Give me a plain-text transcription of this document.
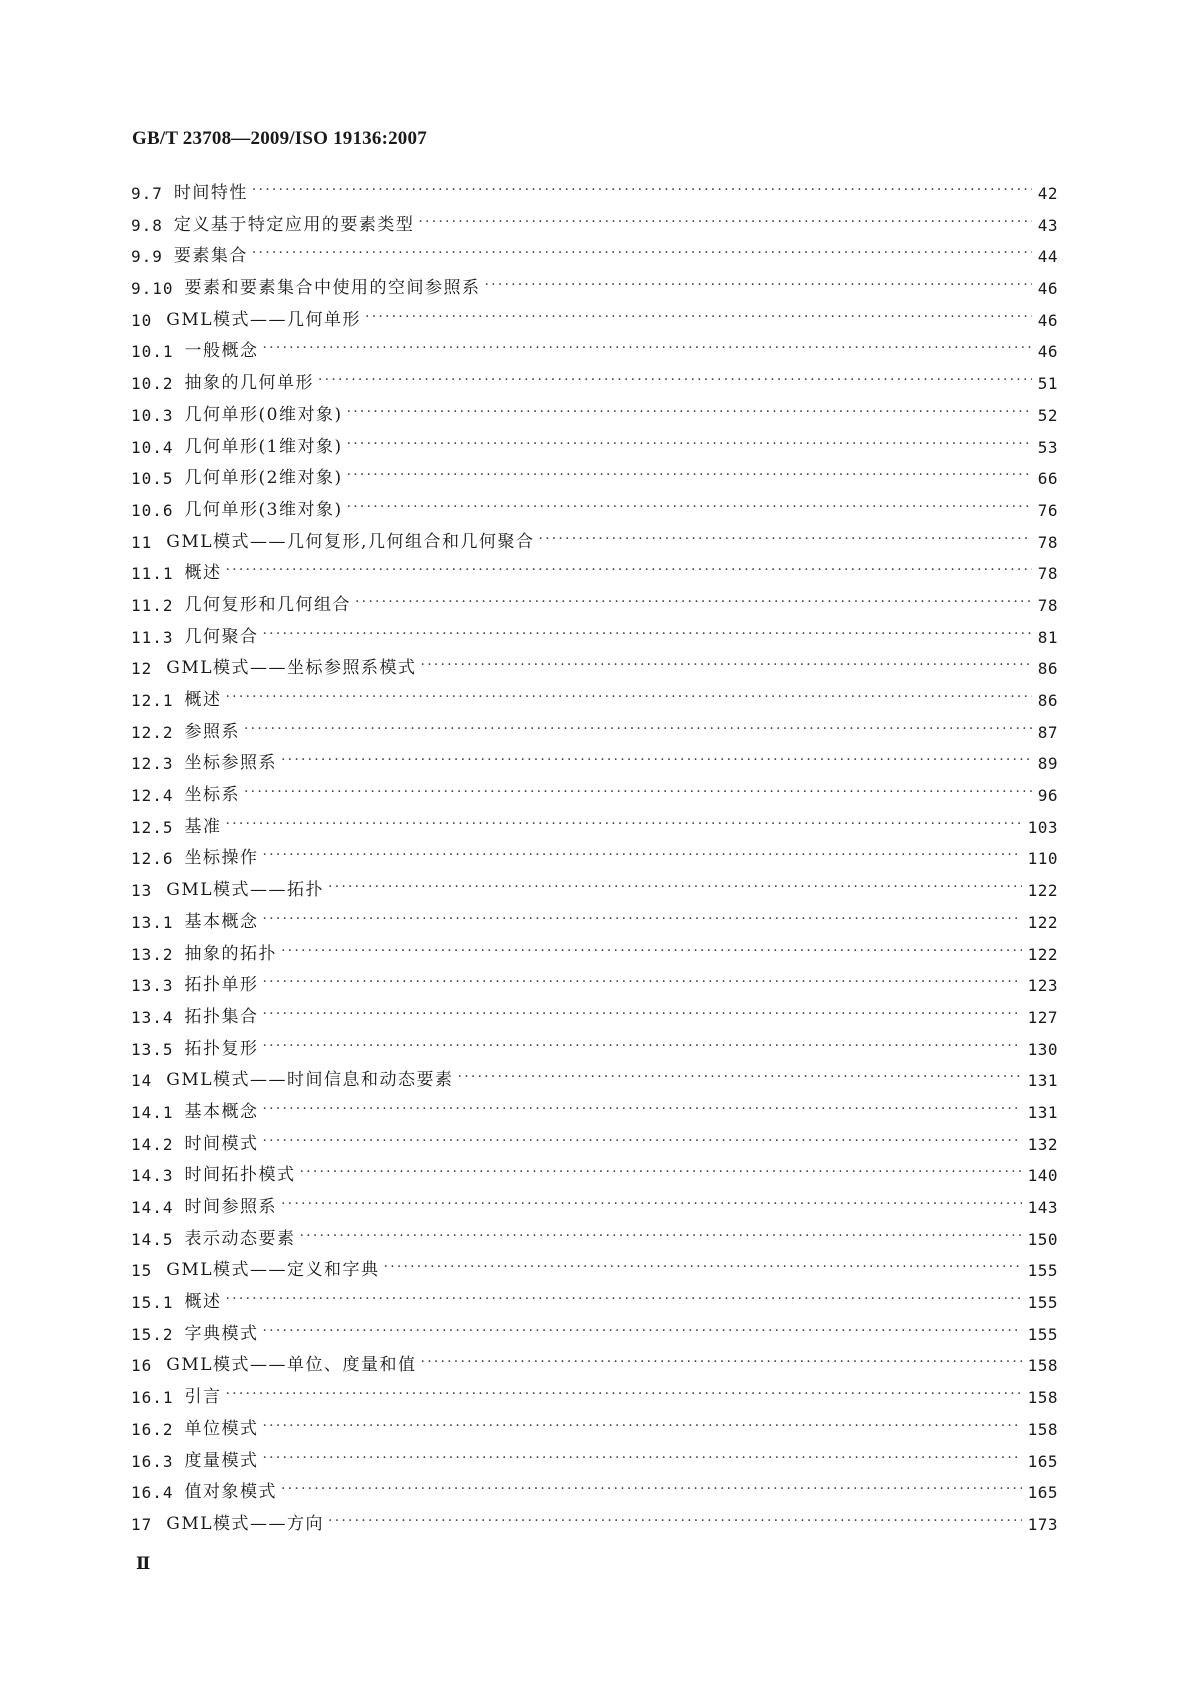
GB/T 23708—2009/ISO 19136:2007
9.7 时间特性 ·····	42
9.8 定义基于特定应用的要素类型 ·····	43
9.9 要素集合 ·····	44
9.10 要素和要素集合中使用的空间参照系 ·····	46
10 GML模式——几何单形 ·····	46
10.1 一般概念 ·····	46
10.2 抽象的几何单形 ·····	51
10.3 几何单形(0维对象) ·····	52
10.4 几何单形(1维对象) ·····	53
10.5 几何单形(2维对象) ·····	66
10.6 几何单形(3维对象) ·····	76
11 GML模式——几何复形,几何组合和几何聚合 ·····	78
11.1 概述 ·····	78
11.2 几何复形和几何组合 ·····	78
11.3 几何聚合 ·····	81
12 GML模式——坐标参照系模式 ·····	86
12.1 概述 ·····	86
12.2 参照系 ·····	87
12.3 坐标参照系 ·····	89
12.4 坐标系 ·····	96
12.5 基准 ·····	103
12.6 坐标操作 ·····	110
13 GML模式——拓扑 ·····	122
13.1 基本概念 ·····	122
13.2 抽象的拓扑 ·····	122
13.3 拓扑单形 ·····	123
13.4 拓扑集合 ·····	127
13.5 拓扑复形 ·····	130
14 GML模式——时间信息和动态要素 ·····	131
14.1 基本概念 ·····	131
14.2 时间模式 ·····	132
14.3 时间拓扑模式 ·····	140
14.4 时间参照系 ·····	143
14.5 表示动态要素 ·····	150
15 GML模式——定义和字典 ·····	155
15.1 概述 ·····	155
15.2 字典模式 ·····	155
16 GML模式——单位、度量和值 ·····	158
16.1 引言 ·····	158
16.2 单位模式 ·····	158
16.3 度量模式 ·····	165
16.4 值对象模式 ·····	165
17 GML模式——方向 ·····	173
Ⅱ
